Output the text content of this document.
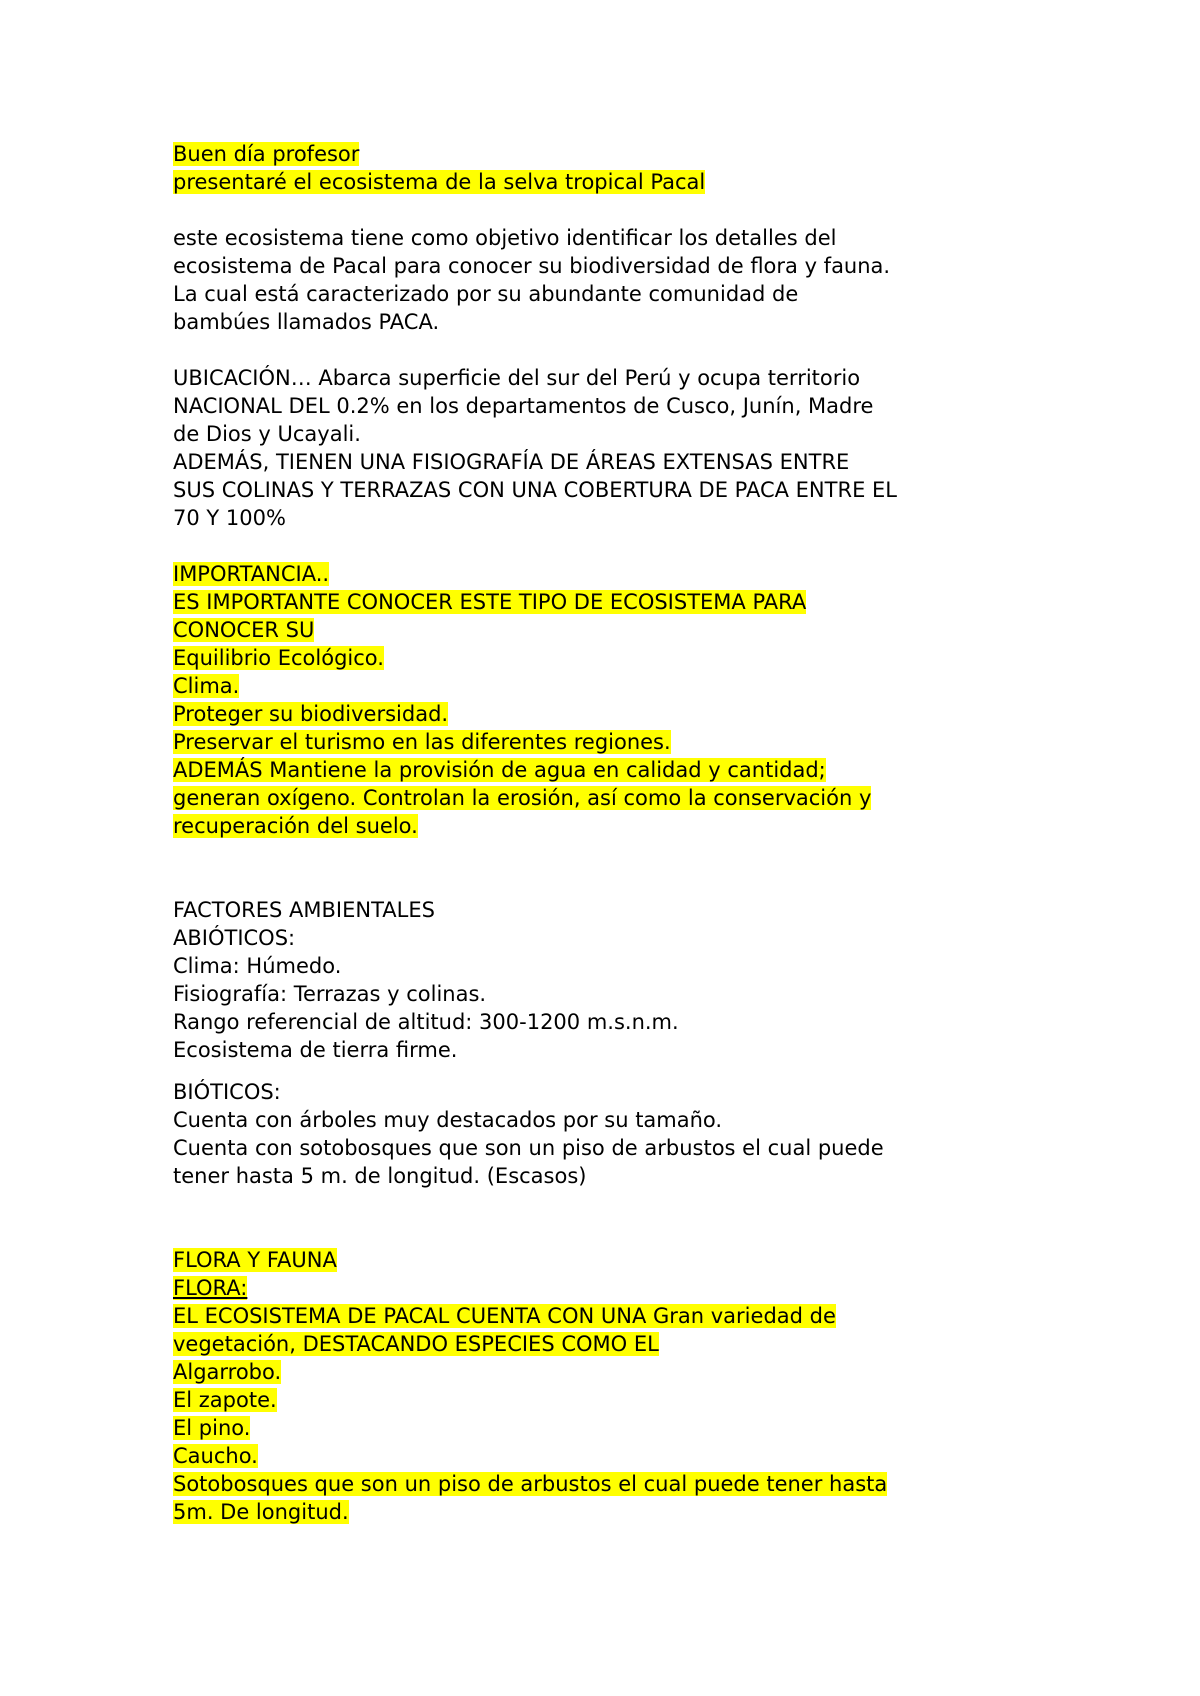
Buen día profesor
presentaré el ecosistema de la selva tropical Pacal
este ecosistema tiene como objetivo identificar los detalles del
ecosistema de Pacal para conocer su biodiversidad de flora y fauna.
La cual está caracterizado por su abundante comunidad de
bambúes llamados PACA.
UBICACIÓN… Abarca superficie del sur del Perú y ocupa territorio
NACIONAL DEL 0.2% en los departamentos de Cusco, Junín, Madre
de Dios y Ucayali.
ADEMÁS, TIENEN UNA FISIOGRAFÍA DE ÁREAS EXTENSAS ENTRE
SUS COLINAS Y TERRAZAS CON UNA COBERTURA DE PACA ENTRE EL
70 Y 100%
IMPORTANCIA..
ES IMPORTANTE CONOCER ESTE TIPO DE ECOSISTEMA PARA
CONOCER SU
Equilibrio Ecológico.
Clima.
Proteger su biodiversidad.
Preservar el turismo en las diferentes regiones.
ADEMÁS Mantiene la provisión de agua en calidad y cantidad;
generan oxígeno. Controlan la erosión, así como la conservación y
recuperación del suelo.
FACTORES AMBIENTALES
ABIÓTICOS:
Clima: Húmedo.
Fisiografía: Terrazas y colinas.
Rango referencial de altitud: 300-1200 m.s.n.m.
Ecosistema de tierra firme.
BIÓTICOS:
Cuenta con árboles muy destacados por su tamaño.
Cuenta con sotobosques que son un piso de arbustos el cual puede
tener hasta 5 m. de longitud. (Escasos)
FLORA Y FAUNA
FLORA:
EL ECOSISTEMA DE PACAL CUENTA CON UNA Gran variedad de
vegetación, DESTACANDO ESPECIES COMO EL
Algarrobo.
El zapote.
El pino.
Caucho.
Sotobosques que son un piso de arbustos el cual puede tener hasta
5m. De longitud.
